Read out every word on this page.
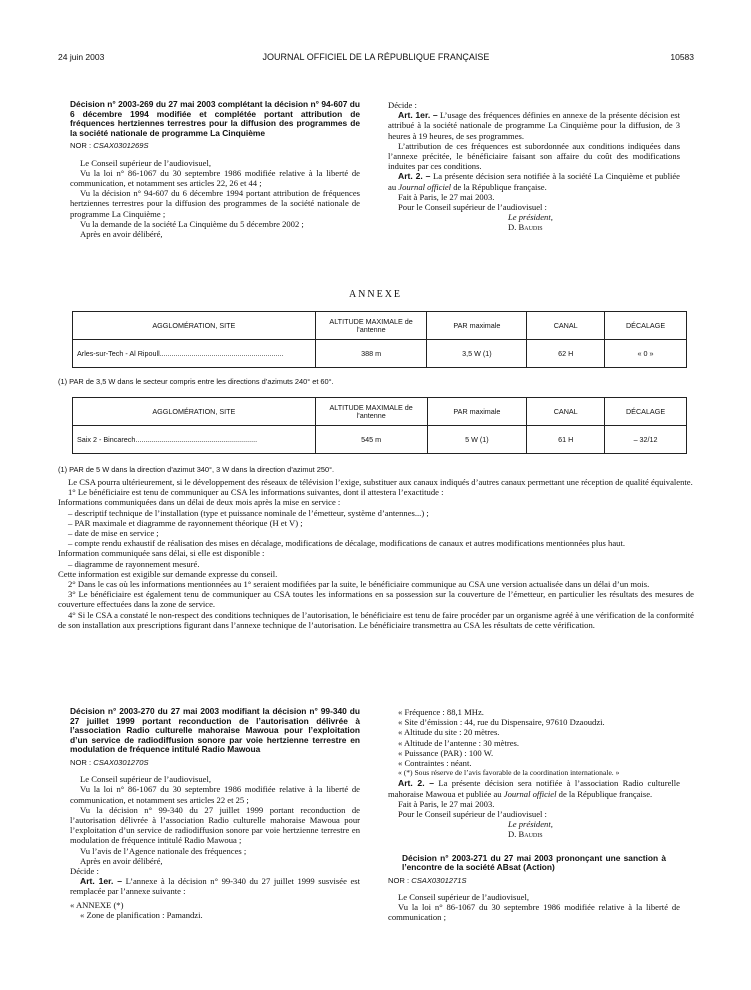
24 juin 2003	JOURNAL OFFICIEL DE LA RÉPUBLIQUE FRANÇAISE	10583

Décision n° 2003-269 du 27 mai 2003 complétant la décision n° 94-607 du 6 décembre 1994 modifiée et complétée portant attribution de fréquences hertziennes terrestres pour la diffusion des programmes de la société nationale de programme La Cinquième

NOR : CSAX0301269S

Le Conseil supérieur de l’audiovisuel,

Vu la loi n° 86-1067 du 30 septembre 1986 modifiée relative à la liberté de communication, et notamment ses articles 22, 26 et 44 ;

Vu la décision n° 94-607 du 6 décembre 1994 portant attribution de fréquences hertziennes terrestres pour la diffusion des programmes de la société nationale de programme La Cinquième ;

Vu la demande de la société La Cinquième du 5 décembre 2002 ;

Après en avoir délibéré,

Décide :

Art. 1er. – L’usage des fréquences définies en annexe de la présente décision est attribué à la société nationale de programme La Cinquième pour la diffusion, de 3 heures à 19 heures, de ses programmes.

L’attribution de ces fréquences est subordonnée aux conditions indiquées dans l’annexe précitée, le bénéficiaire faisant son affaire du coût des modifications induites par ces conditions.

Art. 2. – La présente décision sera notifiée à la société La Cinquième et publiée au Journal officiel de la République française.

Fait à Paris, le 27 mai 2003.

Pour le Conseil supérieur de l’audiovisuel :

Le président,

D. Baudis

ANNEXE
AGGLOMÉRATION, SITE	ALTITUDE MAXIMALE de l’antenne	PAR maximale	CANAL	DÉCALAGE
Arles-sur-Tech - Al Ripoull..............................................................	388 m	3,5 W (1)	62 H	« 0 »
(1) PAR de 3,5 W dans le secteur compris entre les directions d’azimuts 240° et 60°.
AGGLOMÉRATION, SITE	ALTITUDE MAXIMALE de l’antenne	PAR maximale	CANAL	DÉCALAGE
Saix 2 - Bincarech.............................................................	545 m	5 W (1)	61 H	– 32/12
(1) PAR de 5 W dans la direction d’azimut 340°, 3 W dans la direction d’azimut 250°.

Le CSA pourra ultérieurement, si le développement des réseaux de télévision l’exige, substituer aux canaux indiqués d’autres canaux permettant une réception de qualité équivalente.

1° Le bénéficiaire est tenu de communiquer au CSA les informations suivantes, dont il attestera l’exactitude :

Informations communiquées dans un délai de deux mois après la mise en service :

– descriptif technique de l’installation (type et puissance nominale de l’émetteur, système d’antennes...) ;

– PAR maximale et diagramme de rayonnement théorique (H et V) ;

– date de mise en service ;

– compte rendu exhaustif de réalisation des mises en décalage, modifications de décalage, modifications de canaux et autres modifications mentionnées plus haut.

Information communiquée sans délai, si elle est disponible :

– diagramme de rayonnement mesuré.

Cette information est exigible sur demande expresse du conseil.

2° Dans le cas où les informations mentionnées au 1° seraient modifiées par la suite, le bénéficiaire communique au CSA une version actualisée dans un délai d’un mois.

3° Le bénéficiaire est également tenu de communiquer au CSA toutes les informations en sa possession sur la couverture de l’émetteur, en particulier les résultats des mesures de couverture effectuées dans la zone de service.

4° Si le CSA a constaté le non-respect des conditions techniques de l’autorisation, le bénéficiaire est tenu de faire procéder par un organisme agréé à une vérification de la conformité de son installation aux prescriptions figurant dans l’annexe technique de l’autorisation. Le bénéficiaire transmettra au CSA les résultats de cette vérification.

Décision n° 2003-270 du 27 mai 2003 modifiant la décision n° 99-340 du 27 juillet 1999 portant reconduction de l’autorisation délivrée à l’association Radio culturelle mahoraise Mawoua pour l’exploitation d’un service de radiodiffusion sonore par voie hertzienne terrestre en modulation de fréquence intitulé Radio Mawoua

NOR : CSAX0301270S

Le Conseil supérieur de l’audiovisuel,

Vu la loi n° 86-1067 du 30 septembre 1986 modifiée relative à la liberté de communication, et notamment ses articles 22 et 25 ;

Vu la décision n° 99-340 du 27 juillet 1999 portant reconduction de l’autorisation délivrée à l’association Radio culturelle mahoraise Mawoua pour l’exploitation d’un service de radiodiffusion sonore par voie hertzienne terrestre en modulation de fréquence intitulé Radio Mawoua ;

Vu l’avis de l’Agence nationale des fréquences ;

Après en avoir délibéré,

Décide :

Art. 1er. – L’annexe à la décision n° 99-340 du 27 juillet 1999 susvisée est remplacée par l’annexe suivante :

« ANNEXE (*)

« Zone de planification : Pamandzi.

« Fréquence : 88,1 MHz.

« Site d’émission : 44, rue du Dispensaire, 97610 Dzaoudzi.

« Altitude du site : 20 mètres.

« Altitude de l’antenne : 30 mètres.

« Puissance (PAR) : 100 W.

« Contraintes : néant.

« (*) Sous réserve de l’avis favorable de la coordination internationale. »

Art. 2. – La présente décision sera notifiée à l’association Radio culturelle mahoraise Mawoua et publiée au Journal officiel de la République française.

Fait à Paris, le 27 mai 2003.

Pour le Conseil supérieur de l’audiovisuel :

Le président,

D. Baudis

Décision n° 2003-271 du 27 mai 2003 prononçant une sanction à l’encontre de la société ABsat (Action)

NOR : CSAX0301271S

Le Conseil supérieur de l’audiovisuel,

Vu la loi n° 86-1067 du 30 septembre 1986 modifiée relative à la liberté de communication ;
